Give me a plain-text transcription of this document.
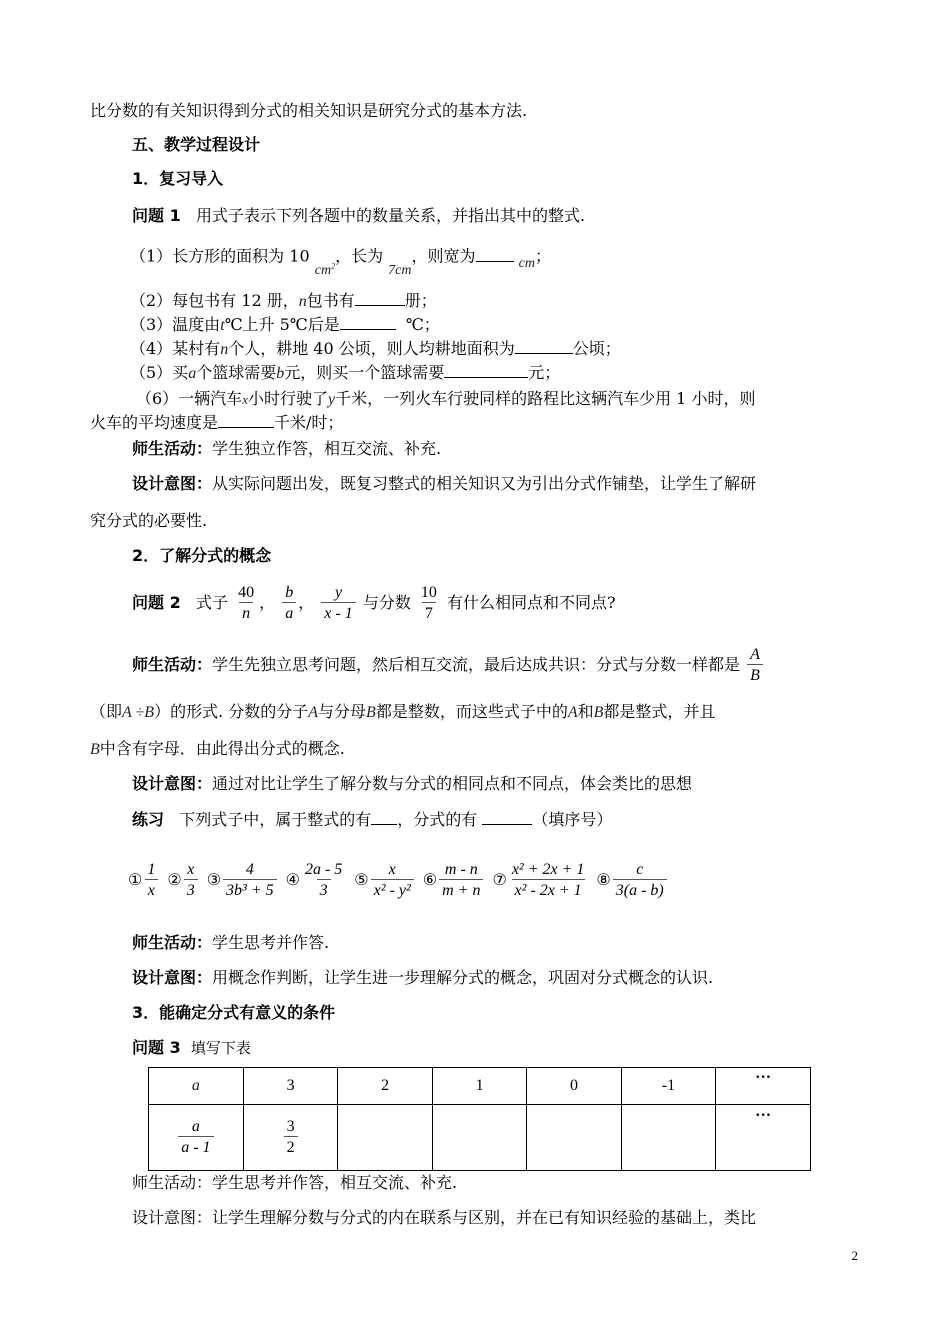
比分数的有关知识得到分式的相关知识是研究分式的基本方法.
五、教学过程设计
1．复习导入
问题 1 用式子表示下列各题中的数量关系，并指出其中的整式.
（1）长方形的面积为 10 $cm^2$，长为 7cm，则宽为	cm；
（2）每包书有 12 册，n包书有	册；
（3）温度由t℃上升 5℃后是	℃；
（4）某村有n个人，耕地 40 公顷，则人均耕地面积为	公顷；
（5）买a个篮球需要b元，则买一个篮球需要	元；
（6）一辆汽车x小时行驶了y千米，一列火车行驶同样的路程比这辆汽车少用 1 小时，则
火车的平均速度是	千米/时；
师生活动：学生独立作答，相互交流、补充.
设计意图：从实际问题出发，既复习整式的相关知识又为引出分式作铺垫，让学生了解研
究分式的必要性.
2．了解分式的概念
问题 2 式子 $\frac{40}{n}$ ， $\frac{b}{a}$ ， $\frac{y}{x - 1}$ 与分数 $\frac{10}{7}$ 有什么相同点和不同点?
师生活动：学生先独立思考问题，然后相互交流，最后达成共识：分式与分数一样都是 $\frac{A}{B}$
（即A ÷B）的形式. 分数的分子A与分母B都是整数，而这些式子中的A和B都是整式，并且
B中含有字母．由此得出分式的概念.
设计意图：通过对比让学生了解分数与分式的相同点和不同点，体会类比的思想
练习 下列式子中，属于整式的有 ，分式的有	（填序号）
① $\frac{1}{x}$ ② $\frac{x}{3}$ ③ $\frac{4}{\text{3b³ + 5}}$ ④ $\frac{2a - 5}{3}$ ⑤ $\frac{x}{\text{x² - y²}}$ ⑥ $\frac{m - n}{m + n}$ ⑦ $\frac{\text{x² + 2x + 1}}{\text{x² - 2x + 1}}$ ⑧ $\frac{c}{3(a - b)}$
师生活动：学生思考并作答.
设计意图：用概念作判断，让学生进一步理解分式的概念，巩固对分式概念的认识.
3．能确定分式有意义的条件
问题 3 填写下表
a	3	2	1	0	-1	···

$\frac{a}{a - 1}$	$\frac{3}{2}$					···
师生活动：学生思考并作答，相互交流、补充.
设计意图：让学生理解分数与分式的内在联系与区别，并在已有知识经验的基础上，类比
2
